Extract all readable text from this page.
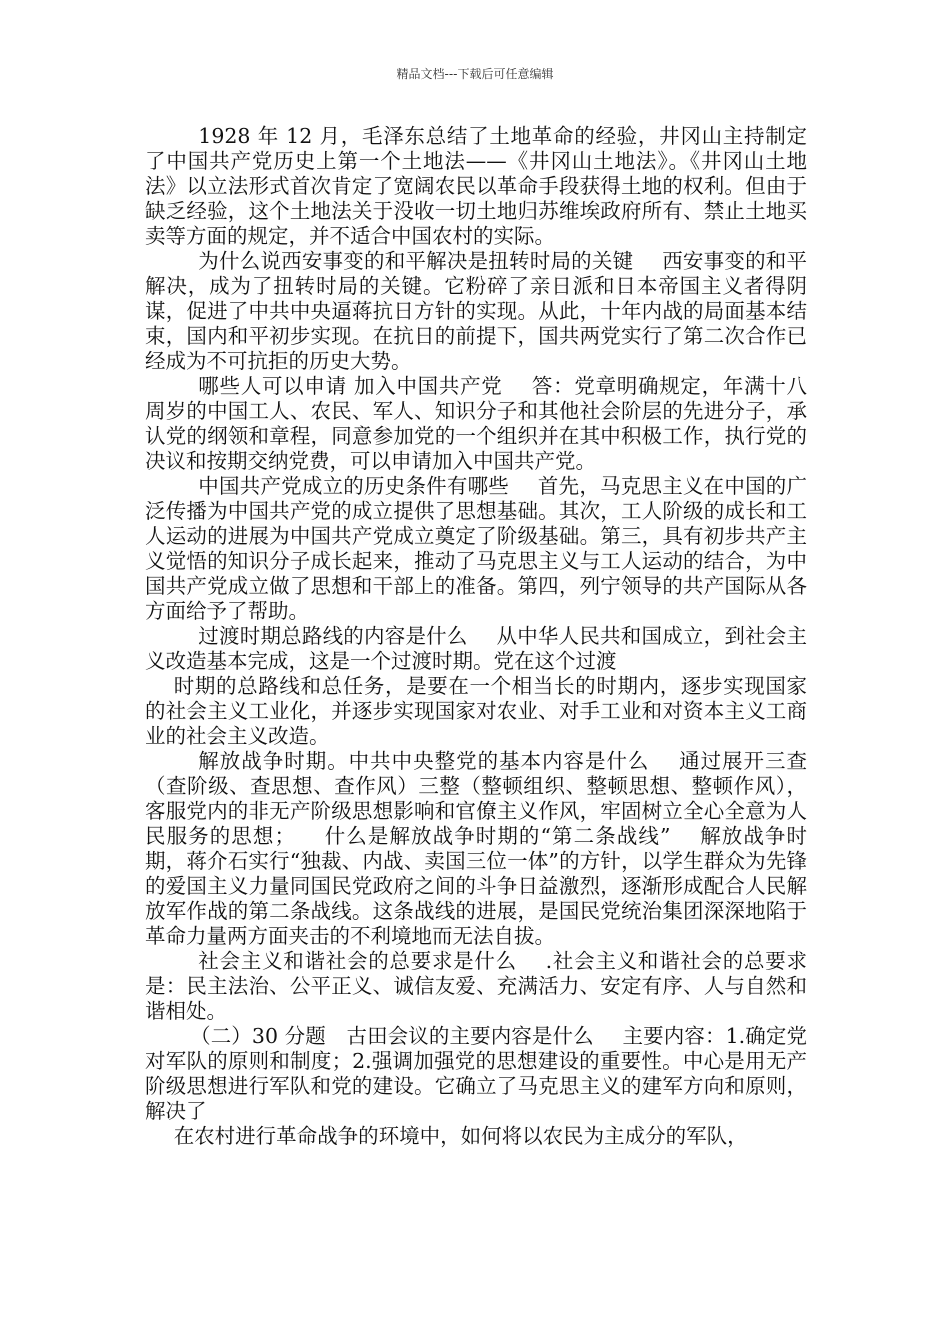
精品文档---下载后可任意编辑

1928 年 12 月，毛泽东总结了土地革命的经验，井冈山主持制定了中国共产党历史上第一个土地法——《井冈山土地法》。《井冈山土地法》以立法形式首次肯定了宽阔农民以革命手段获得土地的权利。但由于缺乏经验，这个土地法关于没收一切土地归苏维埃政府所有、禁止土地买卖等方面的规定，并不适合中国农村的实际。

为什么说西安事变的和平解决是扭转时局的关键 西安事变的和平解决，成为了扭转时局的关键。它粉碎了亲日派和日本帝国主义者得阴谋，促进了中共中央逼蒋抗日方针的实现。从此，十年内战的局面基本结束，国内和平初步实现。在抗日的前提下，国共两党实行了第二次合作已经成为不可抗拒的历史大势。

哪些人可以申请 加入中国共产党 答：党章明确规定，年满十八周岁的中国工人、农民、军人、知识分子和其他社会阶层的先进分子，承认党的纲领和章程，同意参加党的一个组织并在其中积极工作，执行党的决议和按期交纳党费，可以申请加入中国共产党。

中国共产党成立的历史条件有哪些 首先，马克思主义在中国的广泛传播为中国共产党的成立提供了思想基础。其次，工人阶级的成长和工人运动的进展为中国共产党成立奠定了阶级基础。第三，具有初步共产主义觉悟的知识分子成长起来，推动了马克思主义与工人运动的结合，为中国共产党成立做了思想和干部上的准备。第四，列宁领导的共产国际从各方面给予了帮助。

过渡时期总路线的内容是什么 从中华人民共和国成立，到社会主义改造基本完成，这是一个过渡时期。党在这个过渡

时期的总路线和总任务，是要在一个相当长的时期内，逐步实现国家的社会主义工业化，并逐步实现国家对农业、对手工业和对资本主义工商业的社会主义改造。

解放战争时期。中共中央整党的基本内容是什么 通过展开三查（查阶级、查思想、查作风）三整（整顿组织、整顿思想、整顿作风），客服党内的非无产阶级思想影响和官僚主义作风，牢固树立全心全意为人民服务的思想； 什么是解放战争时期的“第二条战线” 解放战争时期，蒋介石实行“独裁、内战、卖国三位一体”的方针，以学生群众为先锋的爱国主义力量同国民党政府之间的斗争日益激烈，逐渐形成配合人民解放军作战的第二条战线。这条战线的进展，是国民党统治集团深深地陷于革命力量两方面夹击的不利境地而无法自拔。

社会主义和谐社会的总要求是什么 .社会主义和谐社会的总要求是：民主法治、公平正义、诚信友爱、充满活力、安定有序、人与自然和谐相处。

（二）30 分题　古田会议的主要内容是什么 主要内容：1.确定党对军队的原则和制度；2.强调加强党的思想建设的重要性。中心是用无产阶级思想进行军队和党的建设。它确立了马克思主义的建军方向和原则，解决了

在农村进行革命战争的环境中，如何将以农民为主成分的军队，
